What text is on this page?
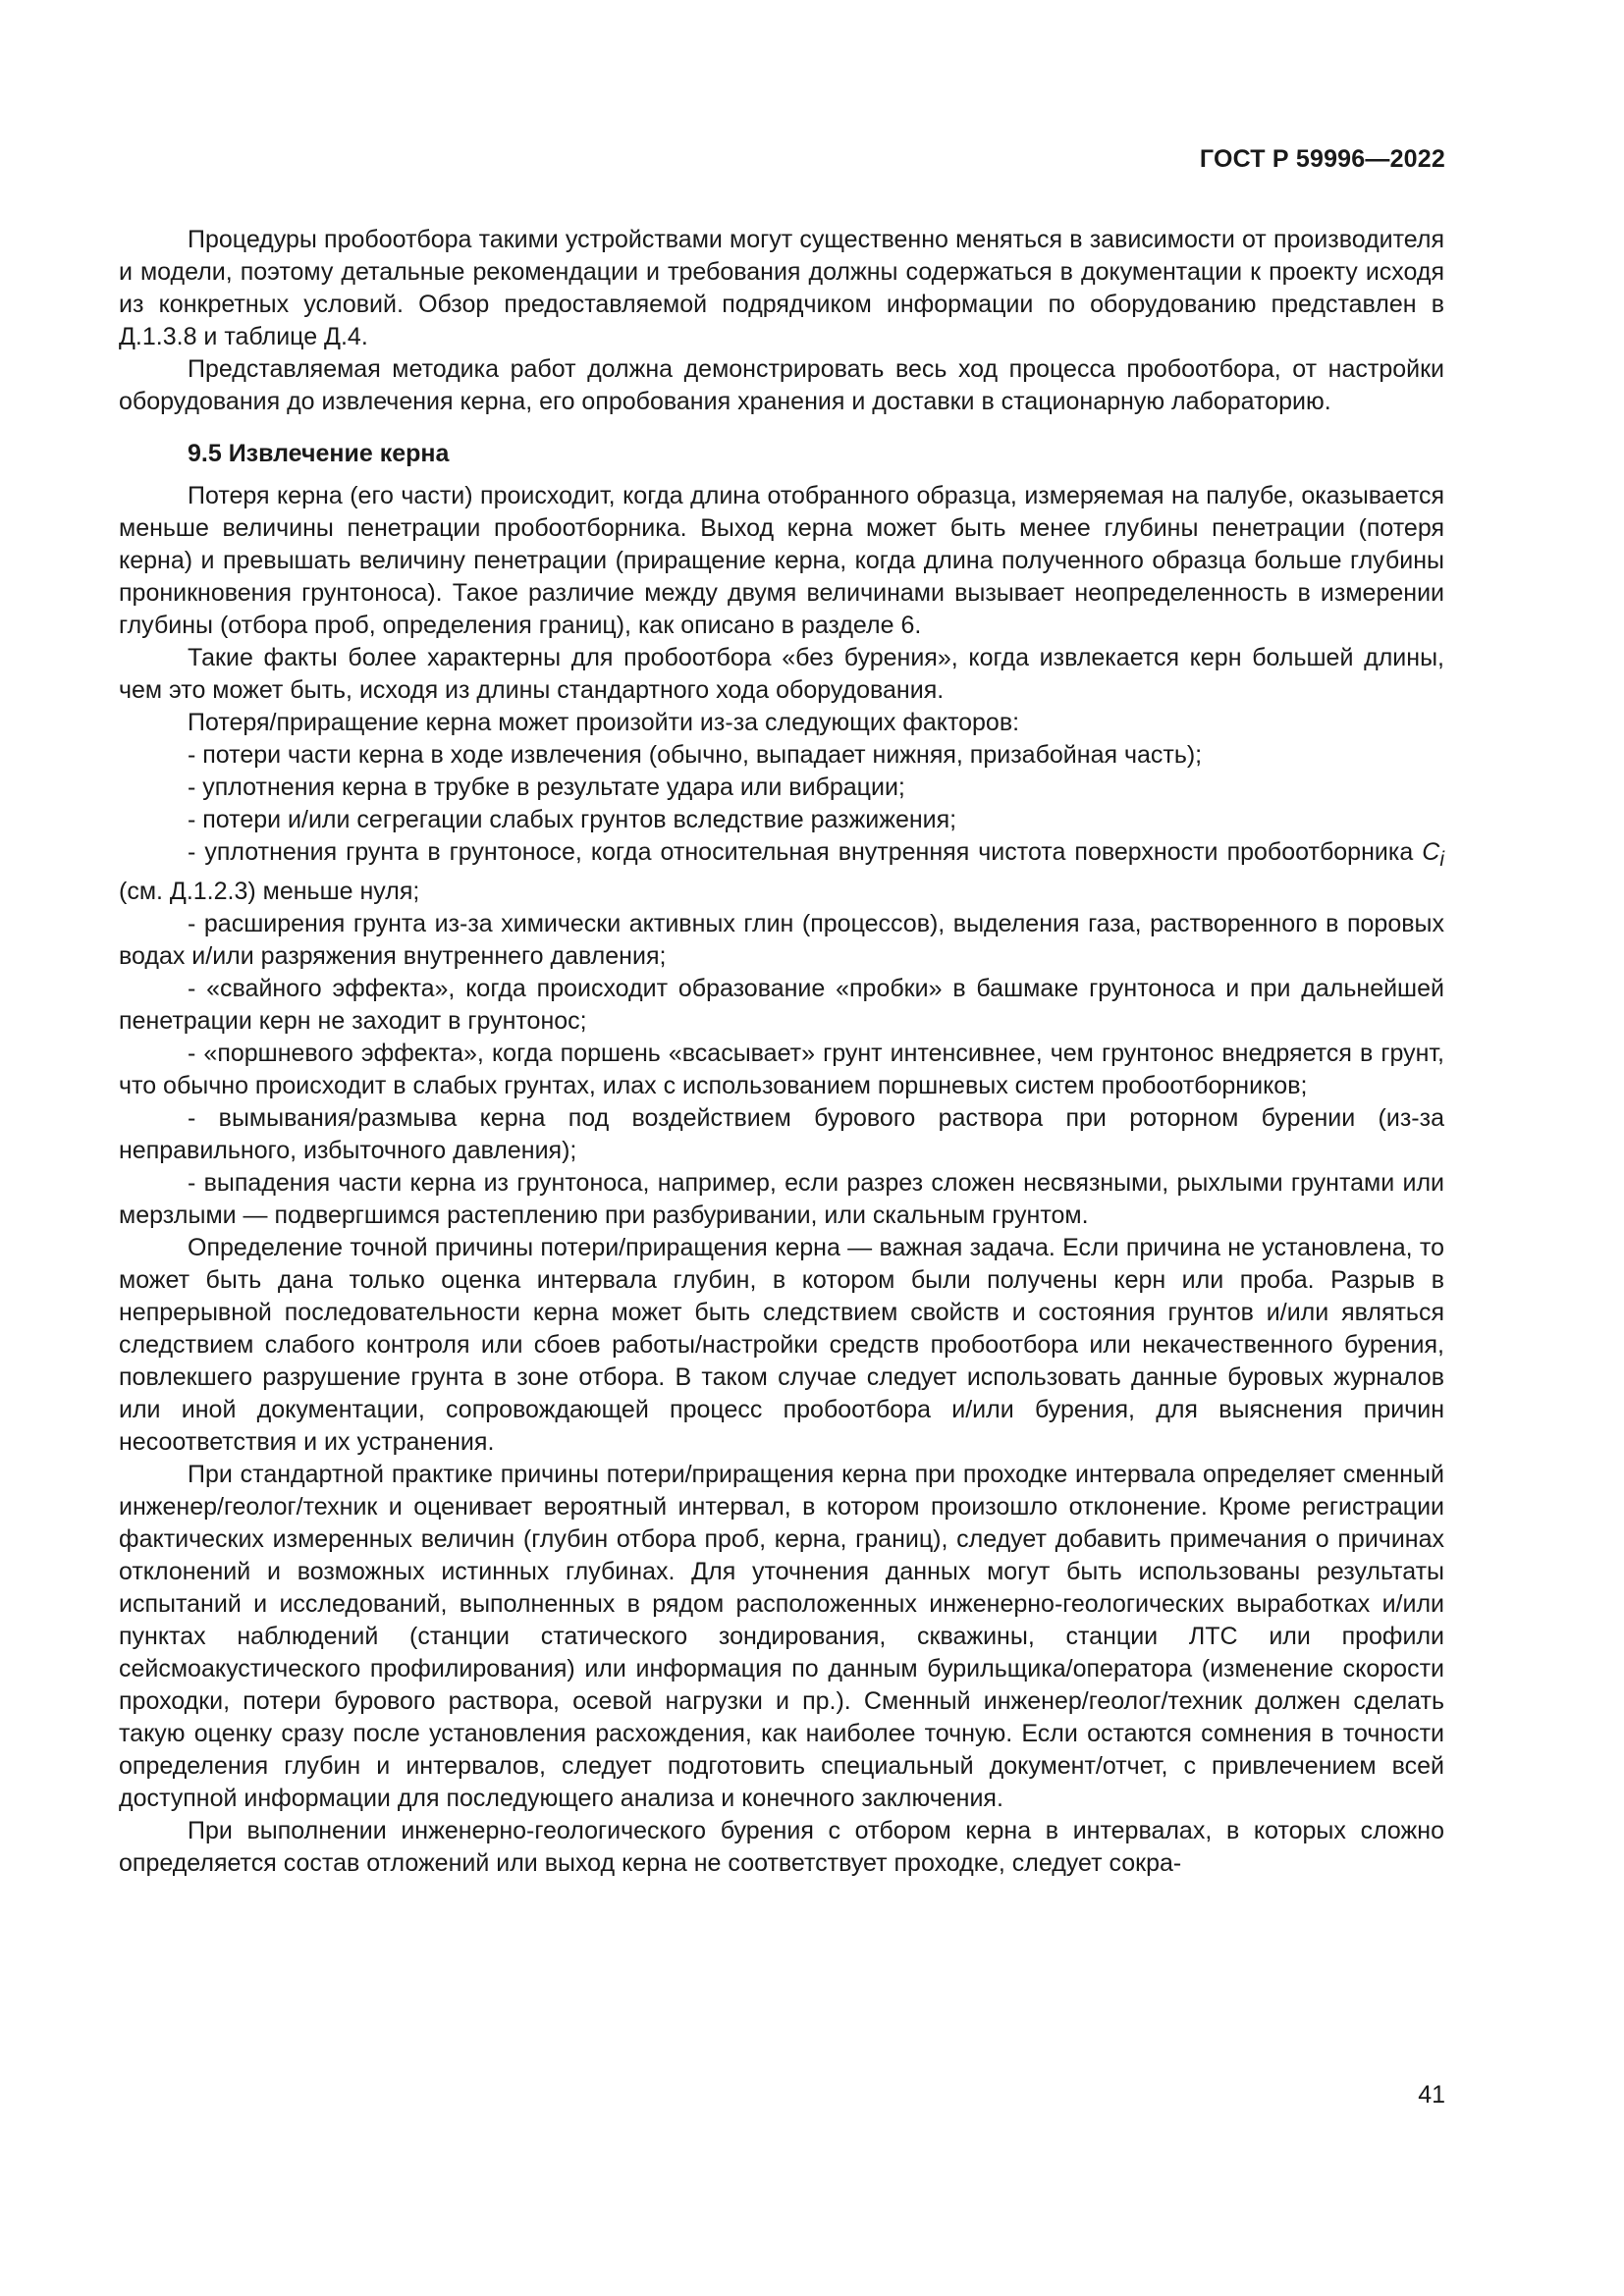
ГОСТ Р 59996—2022

Процедуры пробоотбора такими устройствами могут существенно меняться в зависимости от производителя и модели, поэтому детальные рекомендации и требования должны содержаться в документации к проекту исходя из конкретных условий. Обзор предоставляемой подрядчиком информации по оборудованию представлен в Д.1.3.8 и таблице Д.4.

Представляемая методика работ должна демонстрировать весь ход процесса пробоотбора, от настройки оборудования до извлечения керна, его опробования хранения и доставки в стационарную лабораторию.

9.5 Извлечение керна

Потеря керна (его части) происходит, когда длина отобранного образца, измеряемая на палубе, оказывается меньше величины пенетрации пробоотборника. Выход керна может быть менее глубины пенетрации (потеря керна) и превышать величину пенетрации (приращение керна, когда длина полученного образца больше глубины проникновения грунтоноса). Такое различие между двумя величинами вызывает неопределенность в измерении глубины (отбора проб, определения границ), как описано в разделе 6.

Такие факты более характерны для пробоотбора «без бурения», когда извлекается керн большей длины, чем это может быть, исходя из длины стандартного хода оборудования.

Потеря/приращение керна может произойти из-за следующих факторов:

- потери части керна в ходе извлечения (обычно, выпадает нижняя, призабойная часть);

- уплотнения керна в трубке в результате удара или вибрации;

- потери и/или сегрегации слабых грунтов вследствие разжижения;

- уплотнения грунта в грунтоносе, когда относительная внутренняя чистота поверхности пробоотборника $C_i$ (см. Д.1.2.3) меньше нуля;

- расширения грунта из-за химически активных глин (процессов), выделения газа, растворенного в поровых водах и/или разряжения внутреннего давления;

- «свайного эффекта», когда происходит образование «пробки» в башмаке грунтоноса и при дальнейшей пенетрации керн не заходит в грунтонос;

- «поршневого эффекта», когда поршень «всасывает» грунт интенсивнее, чем грунтонос внедряется в грунт, что обычно происходит в слабых грунтах, илах с использованием поршневых систем пробоотборников;

- вымывания/размыва керна под воздействием бурового раствора при роторном бурении (из-за неправильного, избыточного давления);

- выпадения части керна из грунтоноса, например, если разрез сложен несвязными, рыхлыми грунтами или мерзлыми — подвергшимся растеплению при разбуривании, или скальным грунтом.

Определение точной причины потери/приращения керна — важная задача. Если причина не установлена, то может быть дана только оценка интервала глубин, в котором были получены керн или проба. Разрыв в непрерывной последовательности керна может быть следствием свойств и состояния грунтов и/или являться следствием слабого контроля или сбоев работы/настройки средств пробоотбора или некачественного бурения, повлекшего разрушение грунта в зоне отбора. В таком случае следует использовать данные буровых журналов или иной документации, сопровождающей процесс пробоотбора и/или бурения, для выяснения причин несоответствия и их устранения.

При стандартной практике причины потери/приращения керна при проходке интервала определяет сменный инженер/геолог/техник и оценивает вероятный интервал, в котором произошло отклонение. Кроме регистрации фактических измеренных величин (глубин отбора проб, керна, границ), следует добавить примечания о причинах отклонений и возможных истинных глубинах. Для уточнения данных могут быть использованы результаты испытаний и исследований, выполненных в рядом расположенных инженерно-геологических выработках и/или пунктах наблюдений (станции статического зондирования, скважины, станции ЛТС или профили сейсмоакустического профилирования) или информация по данным бурильщика/оператора (изменение скорости проходки, потери бурового раствора, осевой нагрузки и пр.). Сменный инженер/геолог/техник должен сделать такую оценку сразу после установления расхождения, как наиболее точную. Если остаются сомнения в точности определения глубин и интервалов, следует подготовить специальный документ/отчет, с привлечением всей доступной информации для последующего анализа и конечного заключения.

При выполнении инженерно-геологического бурения с отбором керна в интервалах, в которых сложно определяется состав отложений или выход керна не соответствует проходке, следует сокра-

41
